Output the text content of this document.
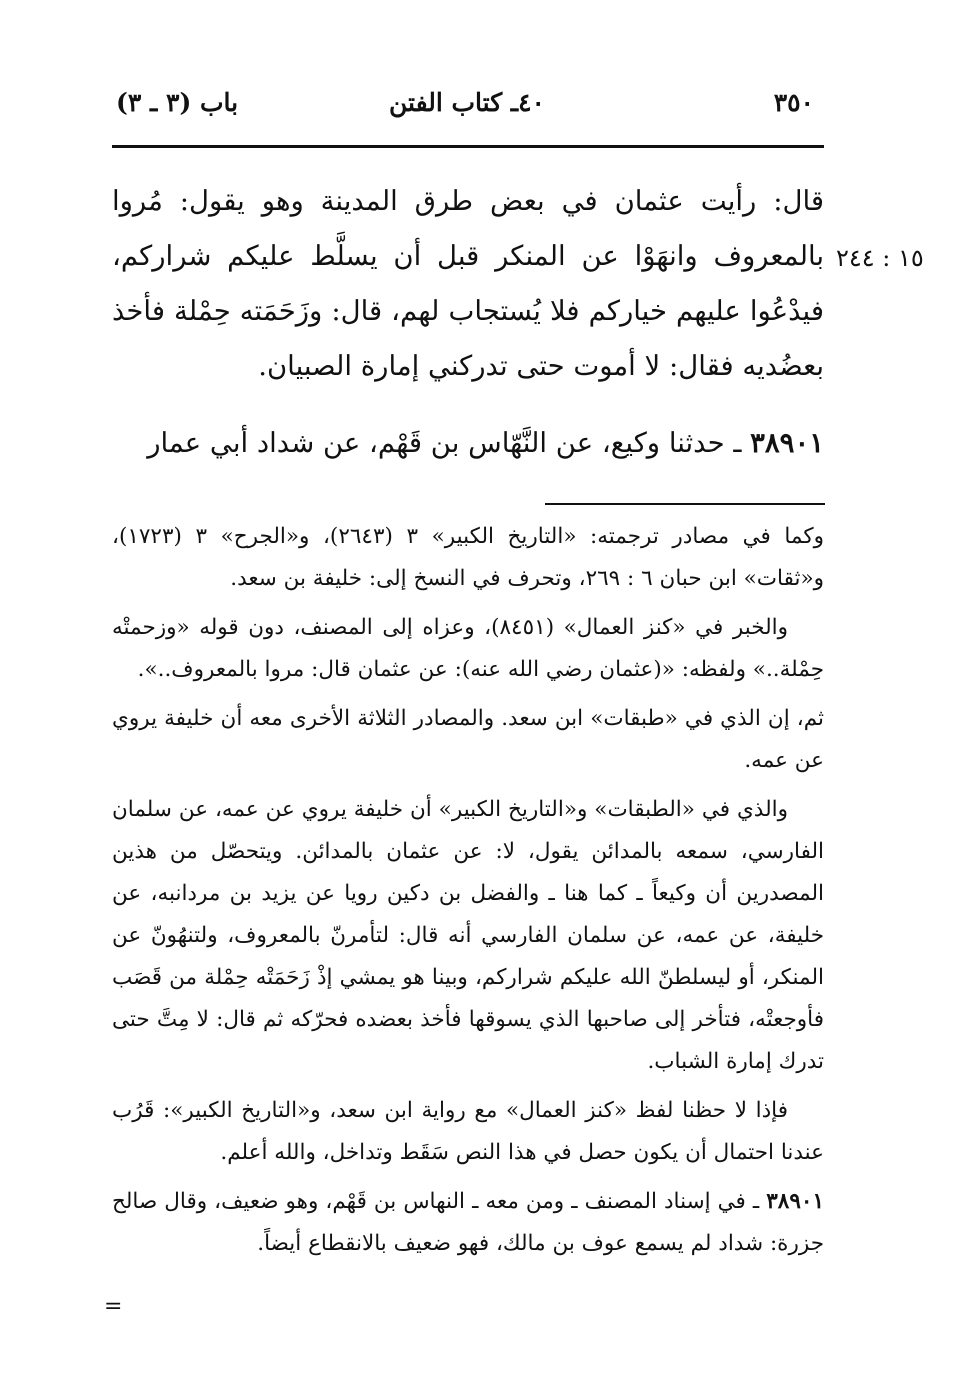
٣٥٠
٤٠ـ كتاب الفتن
باب (٣ ـ ٣)
١٥ : ٢٤٤

قال: رأيت عثمان في بعض طرق المدينة وهو يقول: مُروا بالمعروف وانهَوْا عن المنكر قبل أن يسلَّط عليكم شراركم، فيدْعُوا عليهم خياركم فلا يُستجاب لهم، قال: وزَحَمَته حِمْلة فأخذ بعضُديه فقال: لا أموت حتى تدركني إمارة الصبيان.

٣٨٩٠١ ـ حدثنا وكيع، عن النَّهّاس بن قَهْم، عن شداد أبي عمار

وكما في مصادر ترجمته: «التاريخ الكبير» ٣ (٢٦٤٣)، و«الجرح» ٣ (١٧٢٣)، و«ثقات» ابن حبان ٦ : ٢٦٩، وتحرف في النسخ إلى: خليفة بن سعد.

والخبر في «كنز العمال» (٨٤٥١)، وعزاه إلى المصنف، دون قوله «وزحمتْه حِمْلة..» ولفظه: «(عثمان رضي الله عنه): عن عثمان قال: مروا بالمعروف..».

ثم، إن الذي في «طبقات» ابن سعد. والمصادر الثلاثة الأخرى معه أن خليفة يروي عن عمه.

والذي في «الطبقات» و«التاريخ الكبير» أن خليفة يروي عن عمه، عن سلمان الفارسي، سمعه بالمدائن يقول، لا: عن عثمان بالمدائن. ويتحصّل من هذين المصدرين أن وكيعاً ـ كما هنا ـ والفضل بن دكين رويا عن يزيد بن مردانبه، عن خليفة، عن عمه، عن سلمان الفارسي أنه قال: لتأمرنّ بالمعروف، ولتنهُونّ عن المنكر، أو ليسلطنّ الله عليكم شراركم، وبينا هو يمشي إذْ زَحَمَتْه حِمْلة من قَصَب فأوجعتْه، فتأخر إلى صاحبها الذي يسوقها فأخذ بعضده فحرّكه ثم قال: لا مِتَّ حتى تدرك إمارة الشباب.

فإذا لا حظنا لفظ «كنز العمال» مع رواية ابن سعد، و«التاريخ الكبير»: قَرُب عندنا احتمال أن يكون حصل في هذا النص سَقَط وتداخل، والله أعلم.

٣٨٩٠١ ـ في إسناد المصنف ـ ومن معه ـ النهاس بن قَهْم، وهو ضعيف، وقال صالح جزرة: شداد لم يسمع عوف بن مالك، فهو ضعيف بالانقطاع أيضاً.

=
